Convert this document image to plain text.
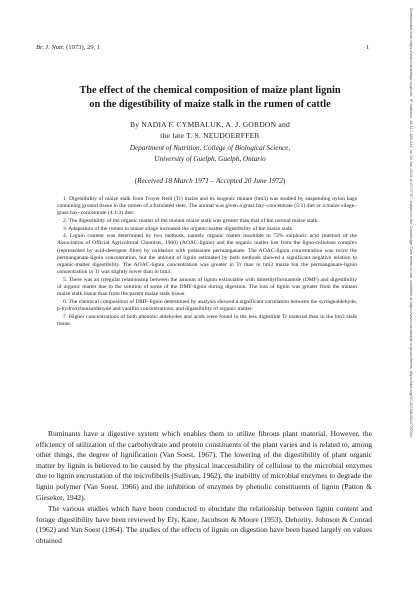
Br. J. Nutr. (1973), 29, 1	1	Downloaded from https://www.cambridge.org/core. IP address: 18.117.186.241, on 26 Jan 2019 at 07:07:57, subject to the Cambridge Core terms of use, available at https://www.cambridge.org/core/terms. https://doi.org/10.1079/BJN19730001
The effect of the chemical composition of maize plant lignin
on the digestibility of maize stalk in the rumen of cattle
By NADIA F. CYMBALUK, A. J. GORDON and
the late T. S. NEUDOERFFER
Department of Nutrition, College of Biological Science,
University of Guelph, Guelph, Ontario
(Received 18 March 1971 – Accepted 20 June 1972)

1. Digestibility of maize stalk from Troyer Reid (Tr) maize and its isogenic mutant (bm3) was studied by suspending nylon bags containing ground tissue in the rumen of a fistulated steer. The animal was given a grass hay–concentrate (5:3) diet or a maize silage–grass hay–concentrate (4:1:3) diet.

2. The digestibility of the organic matter of the mutant maize stalk was greater than that of the normal maize stalk.

3. Adaptation of the rumen to maize silage increased the organic-matter digestibility of the maize stalk.

4. Lignin content was determined by two methods, namely organic matter insoluble in 72% sulphuric acid (method of the Association of Official Agricultural Chemists, 1960) (AOAC-lignin) and the organic matter lost from the ligno-cellulose complex (represented by acid-detergent fibre) by oxidation with potassium permanganate. The AOAC-lignin concentration was twice the permanganate-lignin concentration, but the amount of lignin estimated by both methods showed a significant negative relation to organic-matter digestibility. The AOAC-lignin concentration was greater in Tr than in bm3 maize but the permanganate-lignin concentration in Tr was slightly lower than in bm3.

5. There was an irregular relationship between the amount of lignin extractable with dimethylformamide (DMF) and digestibility of organic matter due to the solution of some of the DMF-lignin during digestion. The loss of lignin was greater from the mutant maize stalk tissue than from the parent maize stalk tissue.

6. The chemical composition of DMF-lignin determined by analysis showed a significant correlation between the syringealdehyde, p-hydroxybenzaldehyde and vanillin concentrations, and digestibility of organic matter.

7. Higher concentrations of both phenolic aldehydes and acids were found in the less digestible Tr material than in the bm3 stalk tissue.

Ruminants have a digestive system which enables them to utilize fibrous plant material. However, the efficiency of utilization of the carbohydrate and protein constituents of the plant varies and is related to, among other things, the degree of lignification (Van Soest, 1967). The lowering of the digestibility of plant organic matter by lignin is believed to be caused by the physical inaccessibility of cellulose to the microbial enzymes due to lignin encrustation of the microfibrils (Sullivan, 1962), the inability of microbial enzymes to degrade the lignin polymer (Van Soest, 1966) and the inhibition of enzymes by phenolic constituents of lignin (Patton & Gieseker, 1942).

The various studies which have been conducted to elucidate the relationship between lignin content and forage digestibility have been reviewed by Ely, Kane, Jacobson & Moore (1953), Dehority, Johnson & Conrad (1962) and Van Soest (1964). The studies of the effects of lignin on digestion have been based largely on values obtained
